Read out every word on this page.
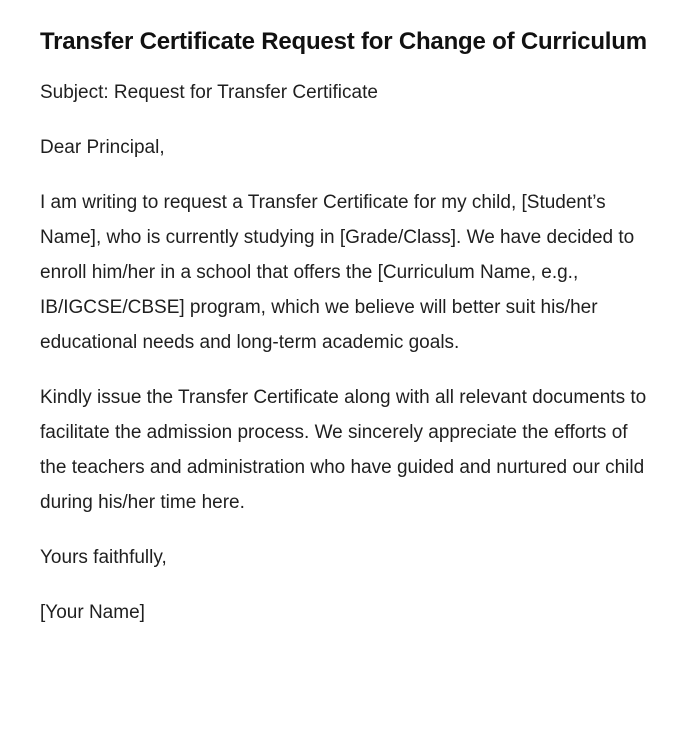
Transfer Certificate Request for Change of Curriculum

Subject: Request for Transfer Certificate

Dear Principal,

I am writing to request a Transfer Certificate for my child, [Student’s Name], who is currently studying in [Grade/Class]. We have decided to enroll him/her in a school that offers the [Curriculum Name, e.g., IB/IGCSE/CBSE] program, which we believe will better suit his/her educational needs and long-term academic goals.

Kindly issue the Transfer Certificate along with all relevant documents to facilitate the admission process. We sincerely appreciate the efforts of the teachers and administration who have guided and nurtured our child during his/her time here.

Yours faithfully,

[Your Name]
